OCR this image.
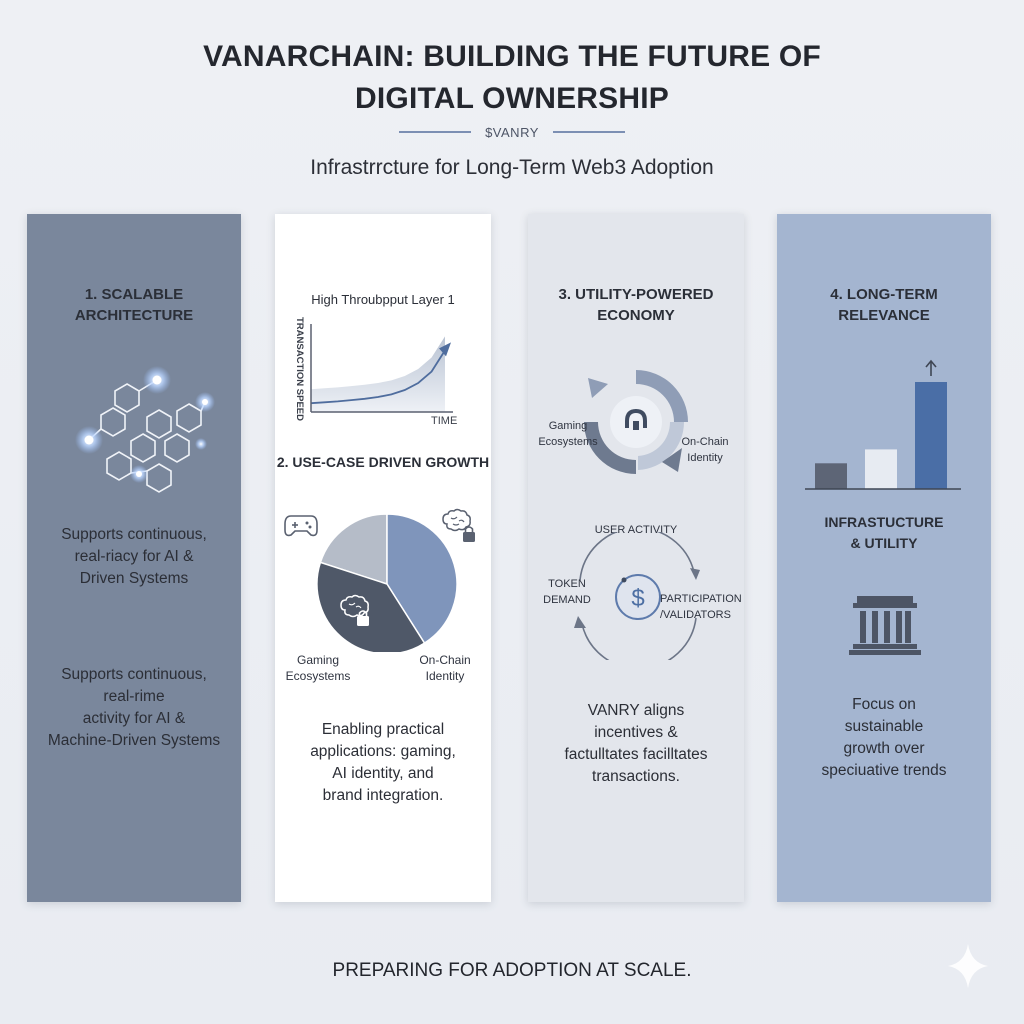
VANARCHAIN: BUILDING THE FUTURE OF
DIGITAL OWNERSHIP
$VANRY
Infrastrrcture for Long-Term Web3 Adoption
1. SCALABLE
ARCHITECTURE
Supports continuous,
real-riacy for AI &
Driven Systems
Supports continuous,
real-rime
activity for AI &
Machine-Driven Systems
High Throubpput Layer 1
TRANSACTION SPEED
TIME
2. USE-CASE DRIVEN GROWTH
Gaming
Ecosystems
On-Chain
Identity
Enabling practical
applications: gaming,
AI identity, and
brand integration.
3. UTILITY-POWERED
ECONOMY
Gaming
Ecosystems	On-Chain
Identity
USER ACTIVITY
$
TOKEN
DEMAND	PARTICIPATION
/VALIDATORS
VANRY aligns
incentives &
factulltates facilltates
transactions.
4. LONG-TERM
RELEVANCE
INFRASTUCTURE
& UTILITY
Focus on
sustainable
growth over
speciuative trends
PREPARING FOR ADOPTION AT SCALE.
